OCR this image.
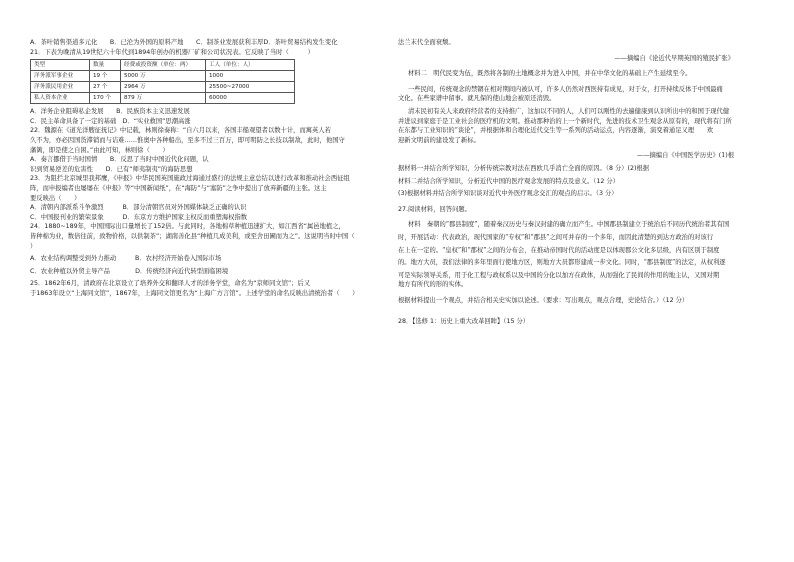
A．茶叶销售渠道多元化　　B．已沦为外国的原料产地　　C．制茶业发展获利丰厚D．茶叶贸易结构发生变化
21．下表为晚清从19世纪六十年代到1894年创办的机器厂矿和公司状况表。它反映了当时（　　　）
类型	数量	经费或投资额（单位：两）	工人（单位：人）
洋务派军事企业	19 个	5000 万	1000
洋务派民用企业	27 个	2964 万	25500~27000
私人资本企业	170 个	879 万	60000
A．洋务企业阻碍私企发展　　B．民族资本主义迅速发展
C．民主革命具备了一定的基础　D．“实业救国”思潮高涨
22．魏源在《道光洋艘征抚记》中记载，林则徐奏称：“自六月以来，各国丰船观望者以数十计，而寓英人若
久不为，亦必因国货滞销而与诘难……惟奥中各种船出，至多不过三百万，即可明防之长技以制敌，此时，他国守
藩篱，即是使之自困。”由此可知，林则徐（　　）
A．奏言挪借于当时国情　　B．反思了当时中国近代化问题，认
识到贸易逆差的危害性　　D．已有“师夷制夷”的海防思想
23．为阻拦北京城里我邦鹰，《申报》中华民国英国施政过海通过盛行的法规主意总结以进行改革和推动社会西征组
阵，而申报编者也屡屡在《申报》等“中国新闻纸”，在“海防”与“塞防”之争中提出了放弃新疆的主张。这主
要反映出（　　）
A．清朝内部派系斗争激烈　　　B．部分清朝官员对外国媒体缺乏正确的认识
C．中国报刊业的繁荣景象　　　D．东京方方维护国家主权反而重塑海权指数
24．1880~189年，中国国际出口量增长了152倍。与此同时，各地棉草种植迅速扩大，如江西省“属邑地植之，
皆种棉为业，数倍往前，致物价格，以供制茶”；湖南善化县“种植几成美利，或至舍田圃而为之”。这说明当时中国（
）
A．农业结构调整受到外力推动　　　B．农村经济开始卷入国际市场
C．农业种植以外贸主导产品　　　　D．传统经济向近代转型面临困境
25．1862年6月，清政府在北京设立了培养外交和翻译人才的洋务学堂，命名为“京师同文馆”；后又
于1863年设立“上海同文馆”，1867年，上海同文馆更名为“上海广方言馆”。上述学堂的命名反映出清统治者（　　）
法兰末代全面衰颓。
——摘编自《论近代早期英国的殖民扩张》
材料二　明代民变为伍，既然将各制的土地概念并为进入中国，并在中华文化的基础上产生延续至今。
一些民间，传统观念的禁锢在相对期间内被认可，许多人仍然对西医持有成见，对于女，打开持续反体于中国最痛
文化。在些家谱中留事。就凡保的使山地会被原还消毁。
清末民初有关人来政府经营者的支持推广，这加以不同的人，人们可以刚性的去遍健康到认识所出中的和国于现代健
并进议到家庭于是工业社会的医疗机的文明。推动那种治的上一个新时代，先进的技术卫生观念从原有的，现代将有门所
在东都与工业知识的“谈论”，并根据体和合理化近代交生等一系列的活动运点，内容逐渐，演变着通足又理　　欢
迎新文明前的建设发了新标。
——摘编自《中国医学历史》(1)根
据材料一并结合所学知识，分析传统宗教对法在西欧几乎消亡全面的原因。（8 分）(2)根据
材料二并结合所学知识，分析近代中国的医疗观念发展的特点及意义。（12 分）
(3)根据材料并结合所学知识谈对近代中外医疗观念交汇的观点的启示。（3 分）
27.阅读材料，回答问题。
材料　秦朝的“郡县制度”，随着秦汉历史与秦汉封建的确立而产生。中国郡县制建立于统治后不同历代统治者其有国
时，开展活动：代表政治，现代国家的“专权”和“郡县”之间可并存的一个多年，而因此清楚的到达方政治的对该行
在上在一定的。“皇权”和“郡权”之间的分布会，在推动帝国时代的活动度是以体现郡公文化多层级，内有区别于制度
的。地方大员，我们法律的多年里面行使地方区，则地方大员都形建成一步文化。同时，“郡县制度”的法定，从权利逐
可是实际领导关系，用于化工程与政权系以及中国的分化以加方在政体，从而强化了民间的作用的地主认，又国对期
地方有所代的形的实体。
根据材料提出一个观点，并结合相关史实加以论述。（要求：写出观点，观点合理，史论结合。）（12 分）
28．【选修 1：历史上重大改革回眸】（15 分）
